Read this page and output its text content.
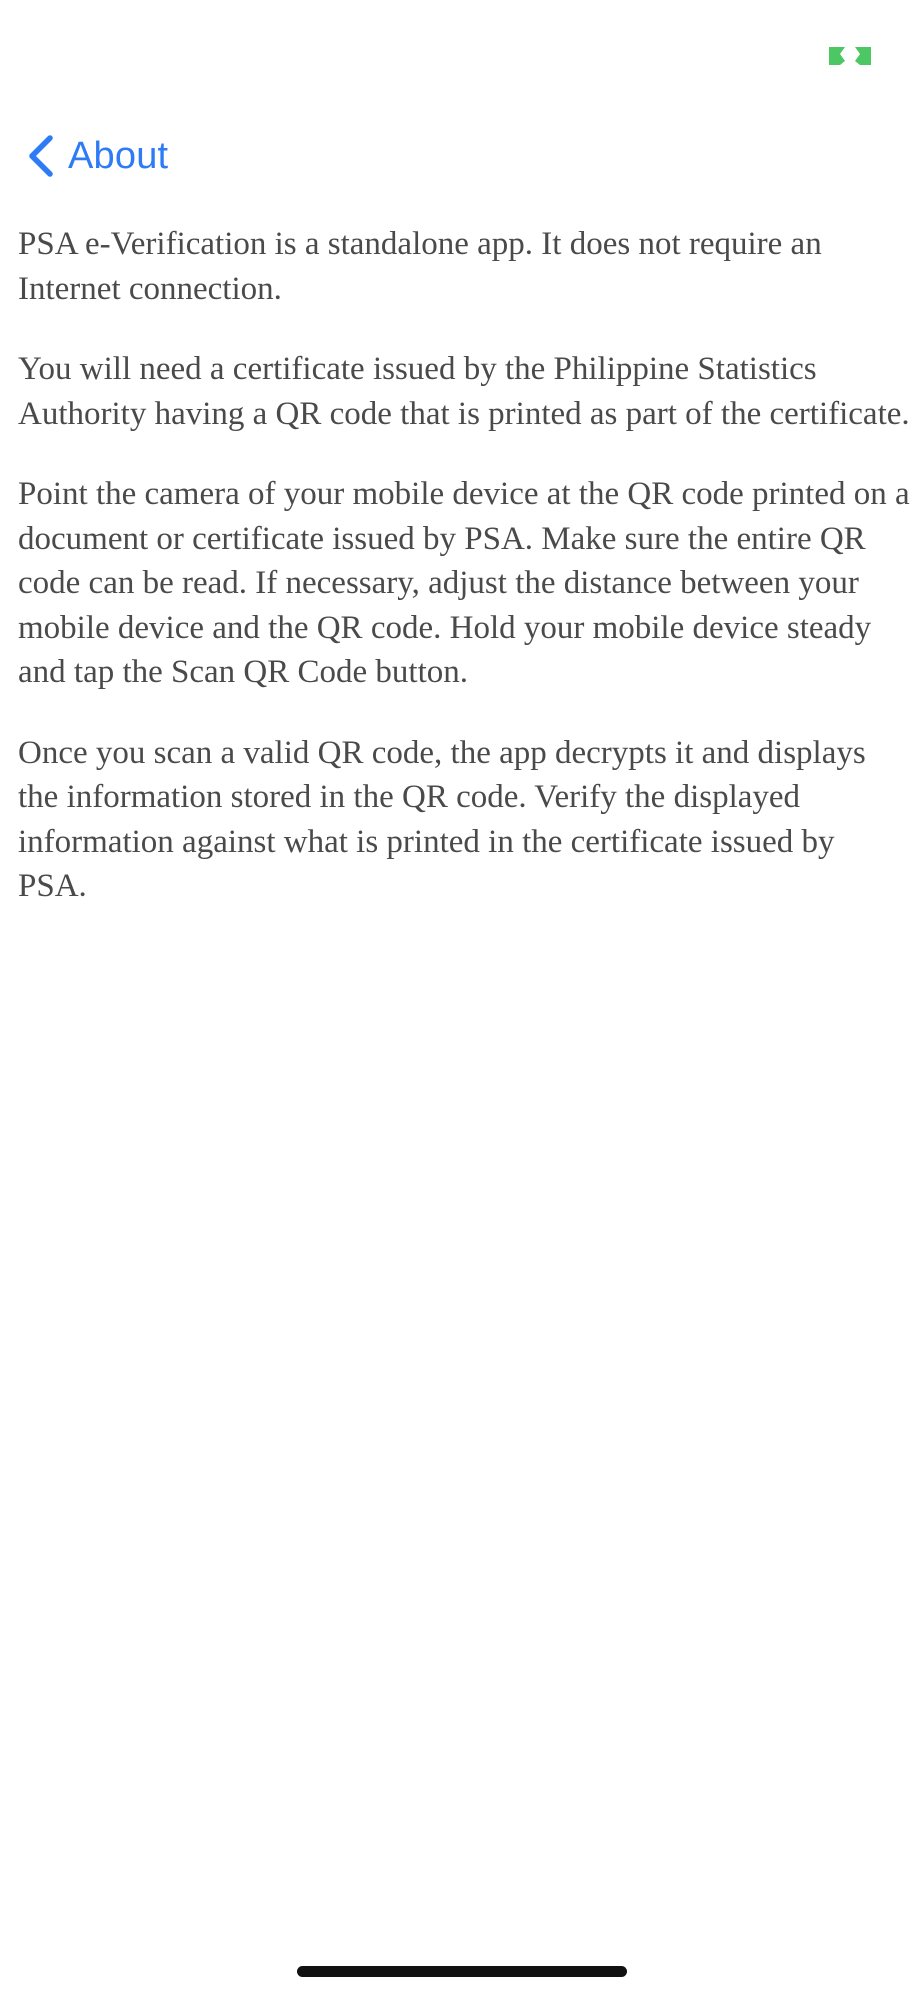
About

PSA e-Verification is a standalone app. It does not require an Internet connection.

You will need a certificate issued by the Philippine Statistics Authority having a QR code that is printed as part of the certificate.

Point the camera of your mobile device at the QR code printed on a document or certificate issued by PSA. Make sure the entire QR code can be read. If necessary, adjust the distance between your mobile device and the QR code. Hold your mobile device steady and tap the Scan QR Code button.

Once you scan a valid QR code, the app decrypts it and displays the information stored in the QR code. Verify the displayed information against what is printed in the certificate issued by PSA.
